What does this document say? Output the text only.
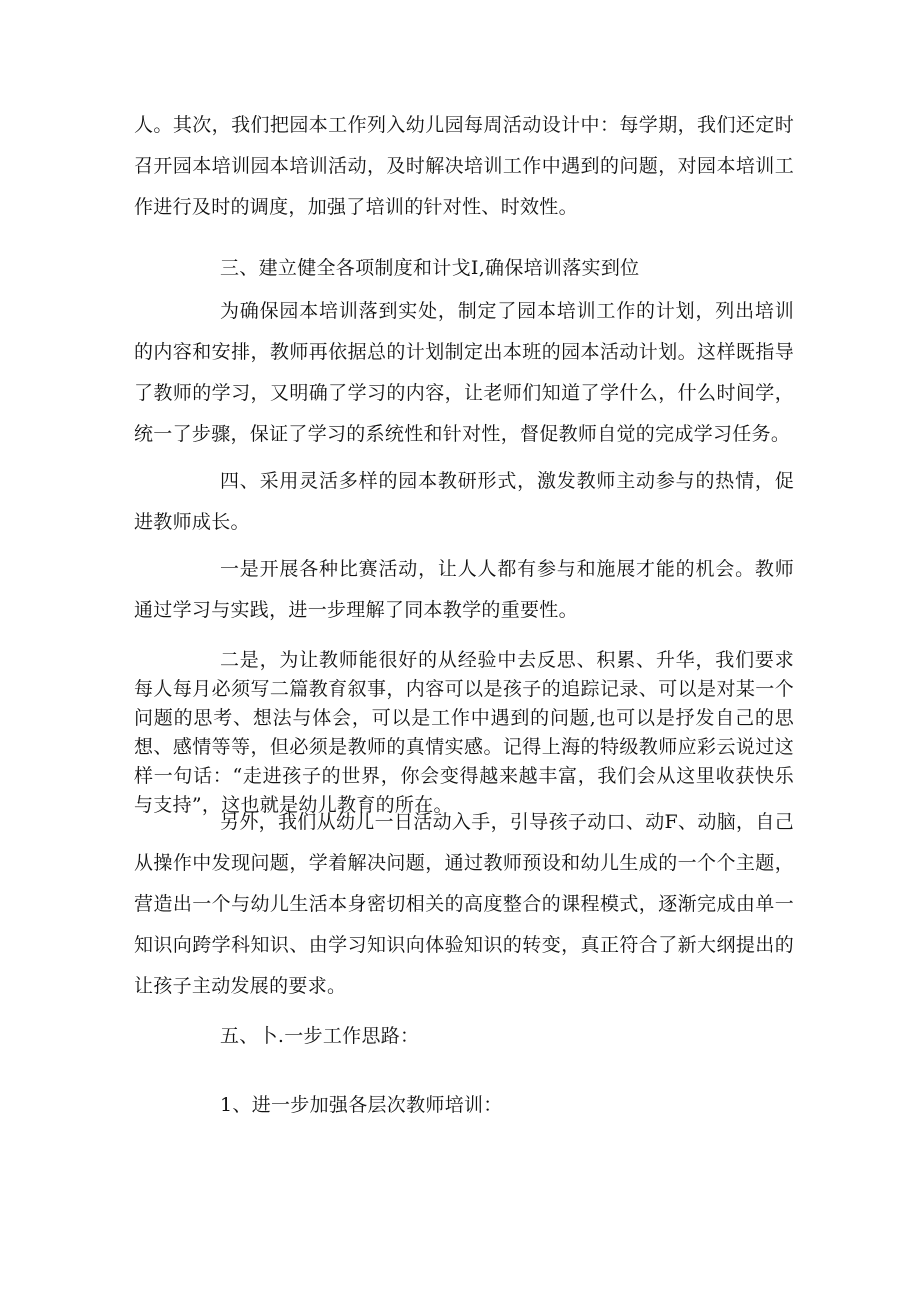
人。其次，我们把园本工作列入幼儿园每周活动设计中：每学期，我们还定时召开园本培训园本培训活动，及时解决培训工作中遇到的问题，对园本培训工作进行及时的调度，加强了培训的针对性、时效性。

三、建立健全各项制度和计戈I,确保培训落实到位

为确保园本培训落到实处，制定了园本培训工作的计划，列出培训的内容和安排，教师再依据总的计划制定出本班的园本活动计划。这样既指导了教师的学习，又明确了学习的内容，让老师们知道了学什么，什么时间学，统一了步骤，保证了学习的系统性和针对性，督促教师自觉的完成学习任务。

四、采用灵活多样的园本教研形式，激发教师主动参与的热情，促进教师成长。

一是开展各种比赛活动，让人人都有参与和施展才能的机会。教师通过学习与实践，进一步理解了同本教学的重要性。

二是，为让教师能很好的从经验中去反思、积累、升华，我们要求每人每月必须写二篇教育叙事，内容可以是孩子的追踪记录、可以是对某一个问题的思考、想法与体会，可以是工作中遇到的问题,也可以是抒发自己的思想、感情等等，但必须是教师的真情实感。记得上海的特级教师应彩云说过这样一句话：“走进孩子的世界，你会变得越来越丰富，我们会从这里收获快乐与支持”，这也就是幼儿教育的所在。

另外，我们从幼儿一日活动入手，引导孩子动口、动F、动脑，自己从操作中发现问题，学着解决问题，通过教师预设和幼儿生成的一个个主题，营造出一个与幼儿生活本身密切相关的高度整合的课程模式，逐渐完成由单一知识向跨学科知识、由学习知识向体验知识的转变，真正符合了新大纲提出的让孩子主动发展的要求。

五、卜.一步工作思路：

1、进一步加强各层次教师培训：
